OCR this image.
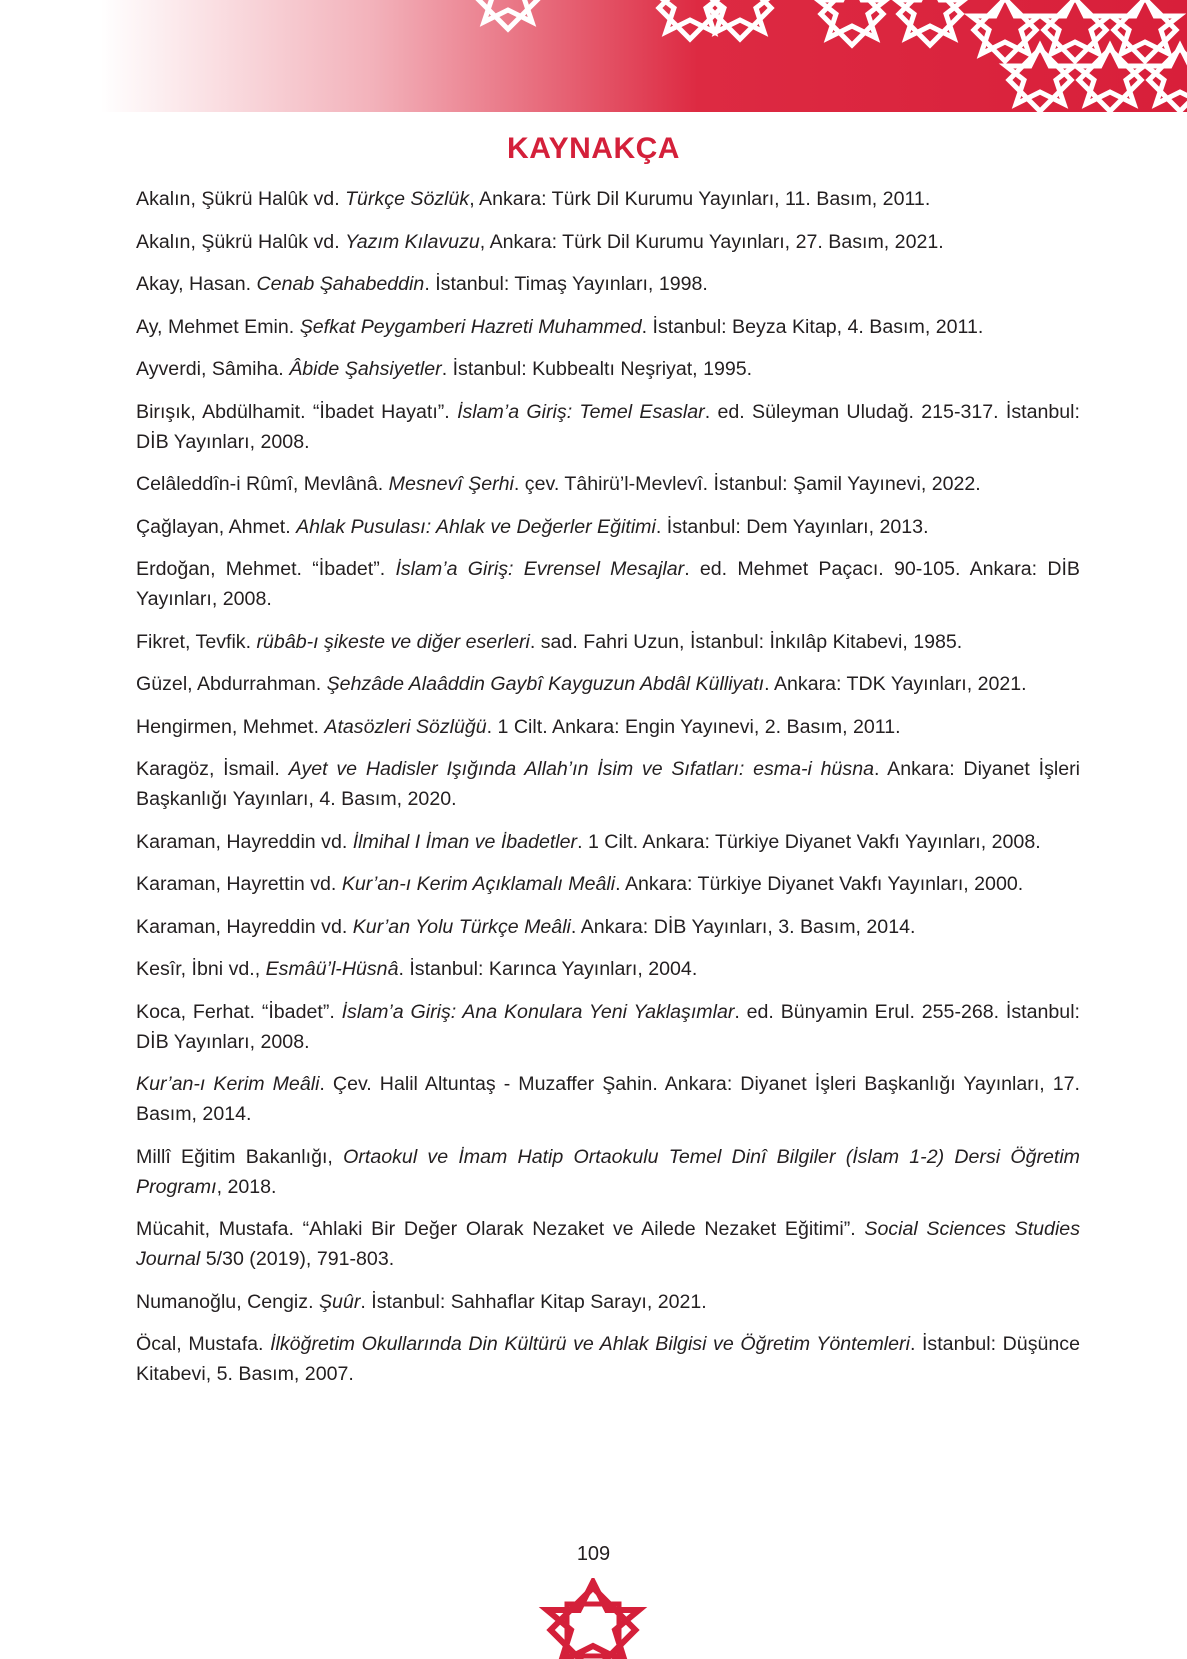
KAYNAKÇA

Akalın, Şükrü Halûk vd. Türkçe Sözlük, Ankara: Türk Dil Kurumu Yayınları, 11. Basım, 2011.

Akalın, Şükrü Halûk vd. Yazım Kılavuzu, Ankara: Türk Dil Kurumu Yayınları, 27. Basım, 2021.

Akay, Hasan. Cenab Şahabeddin. İstanbul: Timaş Yayınları, 1998.

Ay, Mehmet Emin. Şefkat Peygamberi Hazreti Muhammed. İstanbul: Beyza Kitap, 4. Basım, 2011.

Ayverdi, Sâmiha. Âbide Şahsiyetler. İstanbul: Kubbealtı Neşriyat, 1995.

Birışık, Abdülhamit. “İbadet Hayatı”. İslam’a Giriş: Temel Esaslar. ed. Süleyman Uludağ. 215-317. İstanbul: DİB Yayınları, 2008.

Celâleddîn-i Rûmî, Mevlânâ. Mesnevî Şerhi. çev. Tâhirü’l-Mevlevî. İstanbul: Şamil Yayınevi, 2022.

Çağlayan, Ahmet. Ahlak Pusulası: Ahlak ve Değerler Eğitimi. İstanbul: Dem Yayınları, 2013.

Erdoğan, Mehmet. “İbadet”. İslam’a Giriş: Evrensel Mesajlar. ed. Mehmet Paçacı. 90-105. Ankara: DİB Yayınları, 2008.

Fikret, Tevfik. rübâb-ı şikeste ve diğer eserleri. sad. Fahri Uzun, İstanbul: İnkılâp Kitabevi, 1985.

Güzel, Abdurrahman. Şehzâde Alaâddin Gaybî Kayguzun Abdâl Külliyatı. Ankara: TDK Yayınları, 2021.

Hengirmen, Mehmet. Atasözleri Sözlüğü. 1 Cilt. Ankara: Engin Yayınevi, 2. Basım, 2011.

Karagöz, İsmail. Ayet ve Hadisler Işığında Allah’ın İsim ve Sıfatları: esma-i hüsna. Ankara: Diyanet İşleri Başkanlığı Yayınları, 4. Basım, 2020.

Karaman, Hayreddin vd. İlmihal I İman ve İbadetler. 1 Cilt. Ankara: Türkiye Diyanet Vakfı Yayınları, 2008.

Karaman, Hayrettin vd. Kur’an-ı Kerim Açıklamalı Meâli. Ankara: Türkiye Diyanet Vakfı Yayınları, 2000.

Karaman, Hayreddin vd. Kur’an Yolu Türkçe Meâli. Ankara: DİB Yayınları, 3. Basım, 2014.

Kesîr, İbni vd., Esmâü’l-Hüsnâ. İstanbul: Karınca Yayınları, 2004.

Koca, Ferhat. “İbadet”. İslam’a Giriş: Ana Konulara Yeni Yaklaşımlar. ed. Bünyamin Erul. 255-268. İstanbul: DİB Yayınları, 2008.

Kur’an-ı Kerim Meâli. Çev. Halil Altuntaş - Muzaffer Şahin. Ankara: Diyanet İşleri Başkanlığı Yayınları, 17. Basım, 2014.

Millî Eğitim Bakanlığı, Ortaokul ve İmam Hatip Ortaokulu Temel Dinî Bilgiler (İslam 1-2) Dersi Öğretim Programı, 2018.

Mücahit, Mustafa. “Ahlaki Bir Değer Olarak Nezaket ve Ailede Nezaket Eğitimi”. Social Sciences Studies Journal 5/30 (2019), 791-803.

Numanoğlu, Cengiz. Şuûr. İstanbul: Sahhaflar Kitap Sarayı, 2021.

Öcal, Mustafa. İlköğretim Okullarında Din Kültürü ve Ahlak Bilgisi ve Öğretim Yöntemleri. İstanbul: Düşünce Kitabevi, 5. Basım, 2007.

109
